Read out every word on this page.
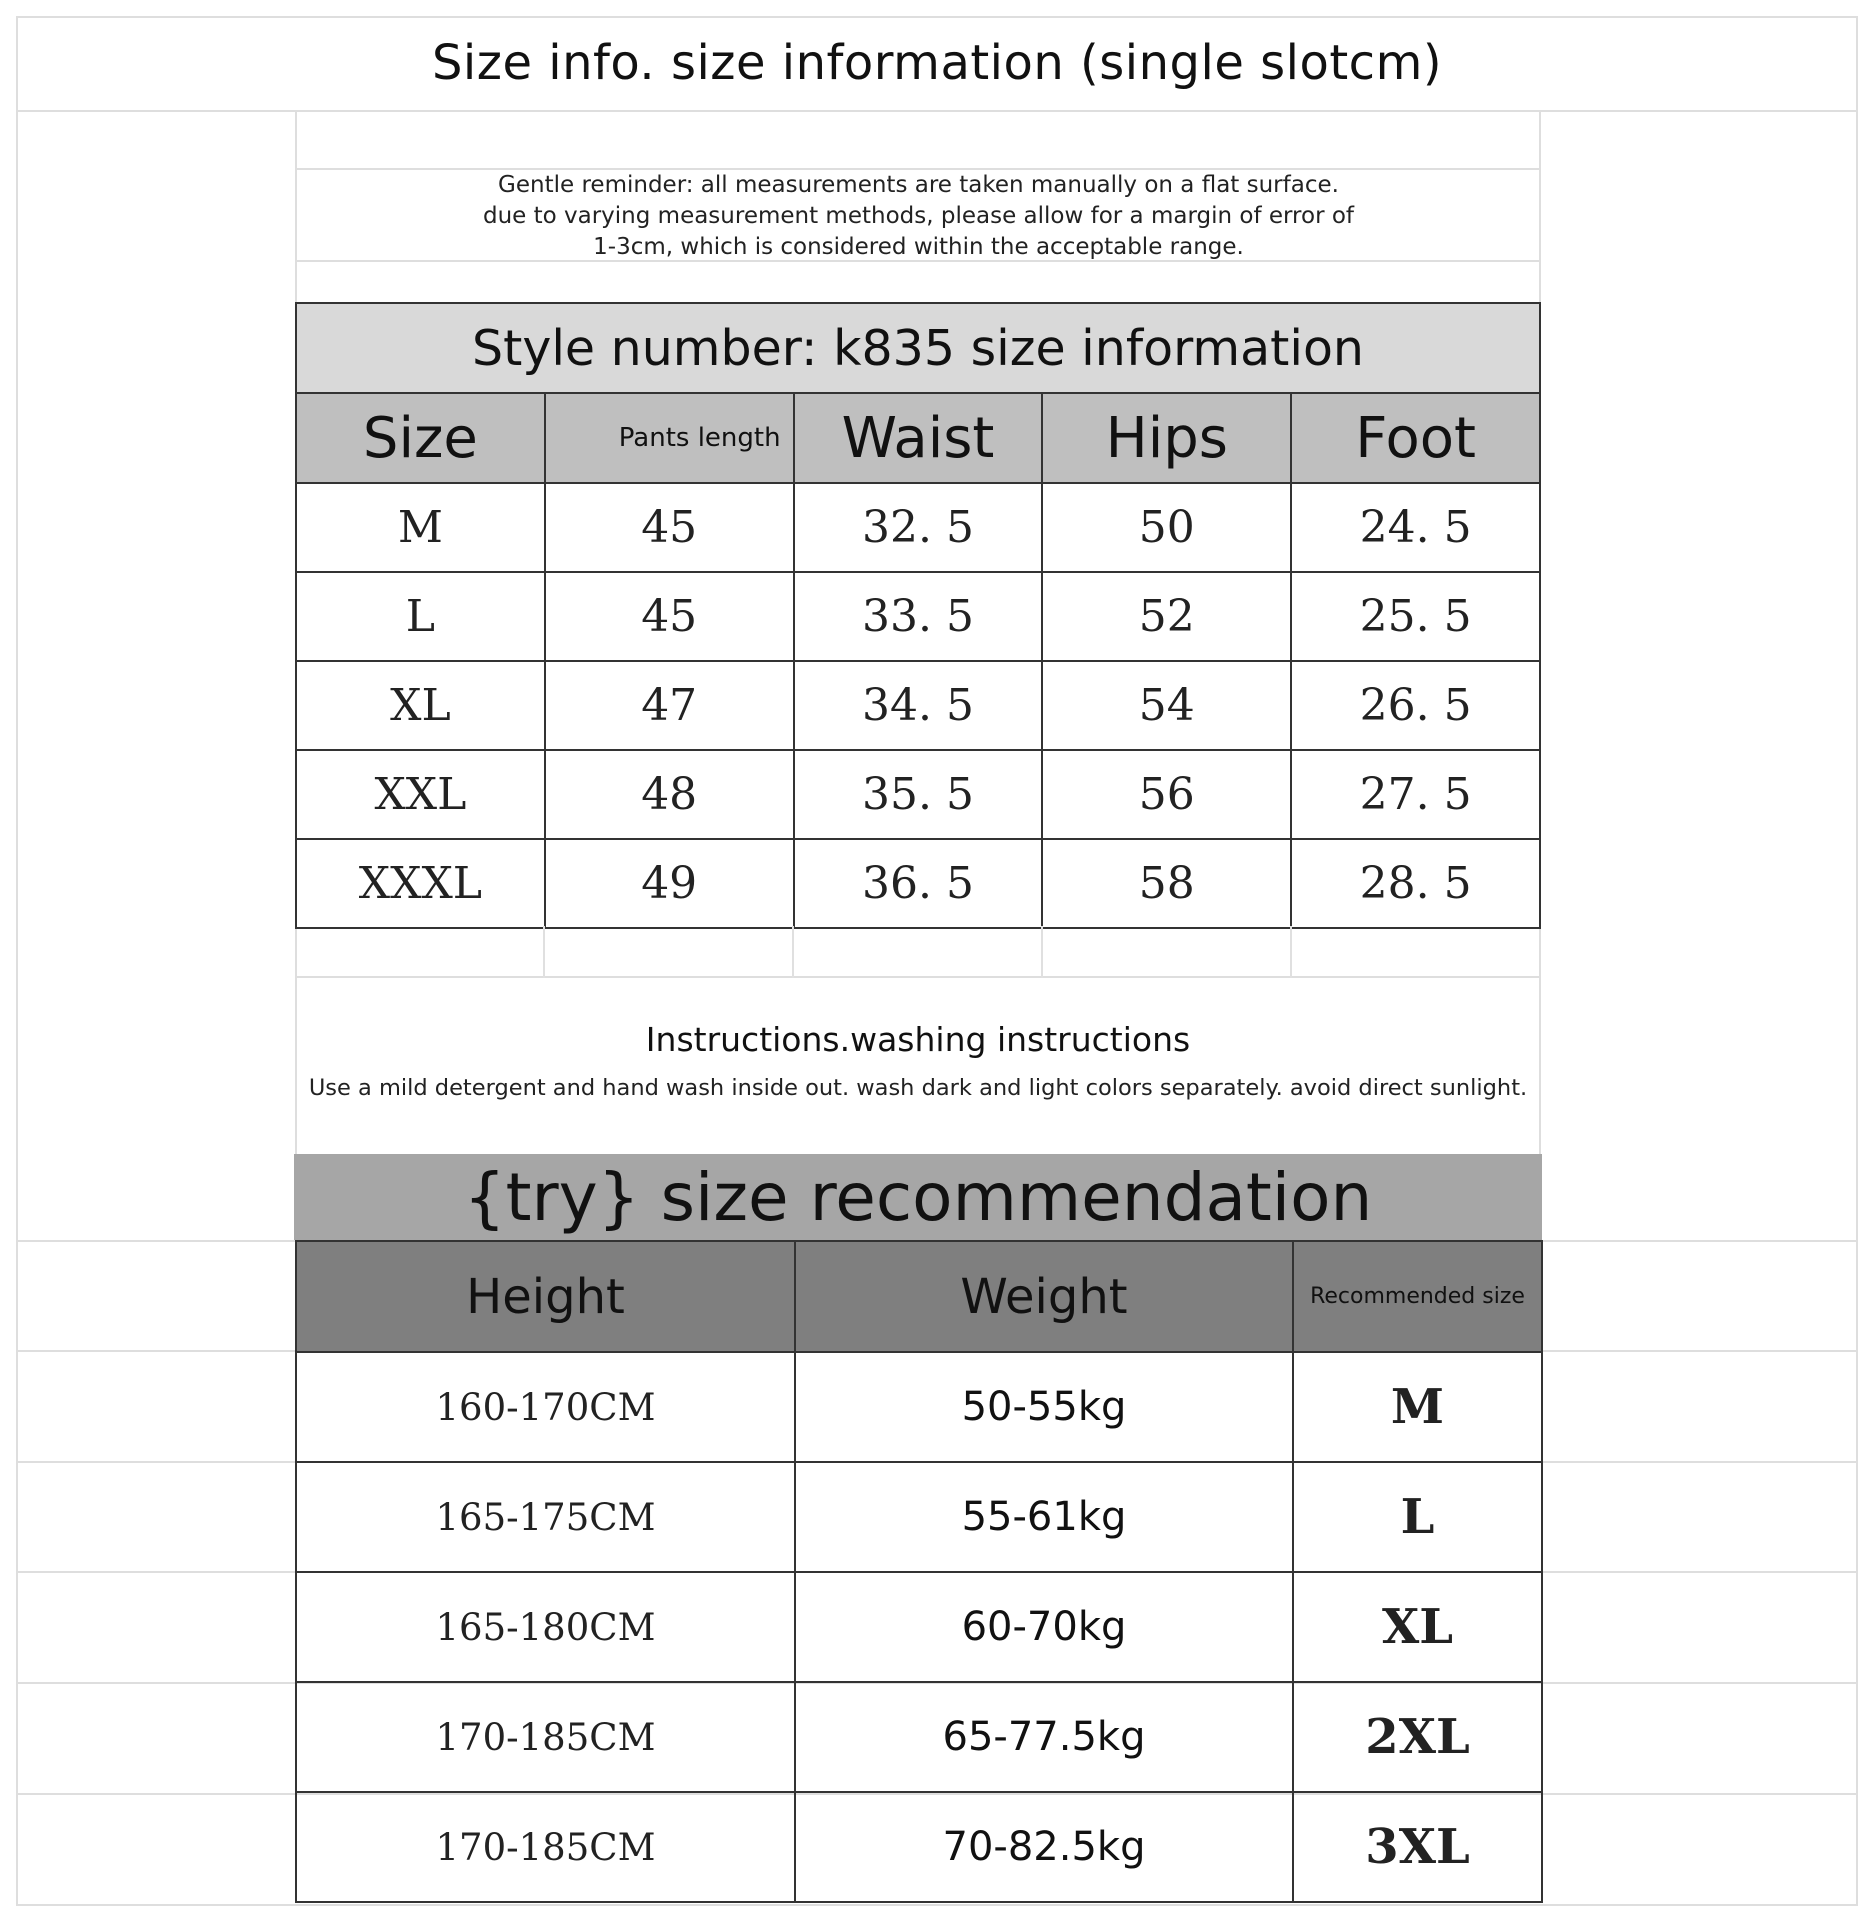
Size info. size information (single slotcm)
Gentle reminder: all measurements are taken manually on a flat surface.
due to varying measurement methods, please allow for a margin of error of
1-3cm, which is considered within the acceptable range.
Style number: k835 size information				
Size	Pants length	Waist	Hips	Foot
M	45	32. 5	50	24. 5
L	45	33. 5	52	25. 5
XL	47	34. 5	54	26. 5
XXL	48	35. 5	56	27. 5
XXXL	49	36. 5	58	28. 5
Instructions.washing instructions
Use a mild detergent and hand wash inside out. wash dark and light colors separately. avoid direct sunlight.
{try} size recommendation
Height	Weight	Recommended size
160-170CM	50-55kg	M
165-175CM	55-61kg	L
165-180CM	60-70kg	XL
170-185CM	65-77.5kg	2XL
170-185CM	70-82.5kg	3XL
